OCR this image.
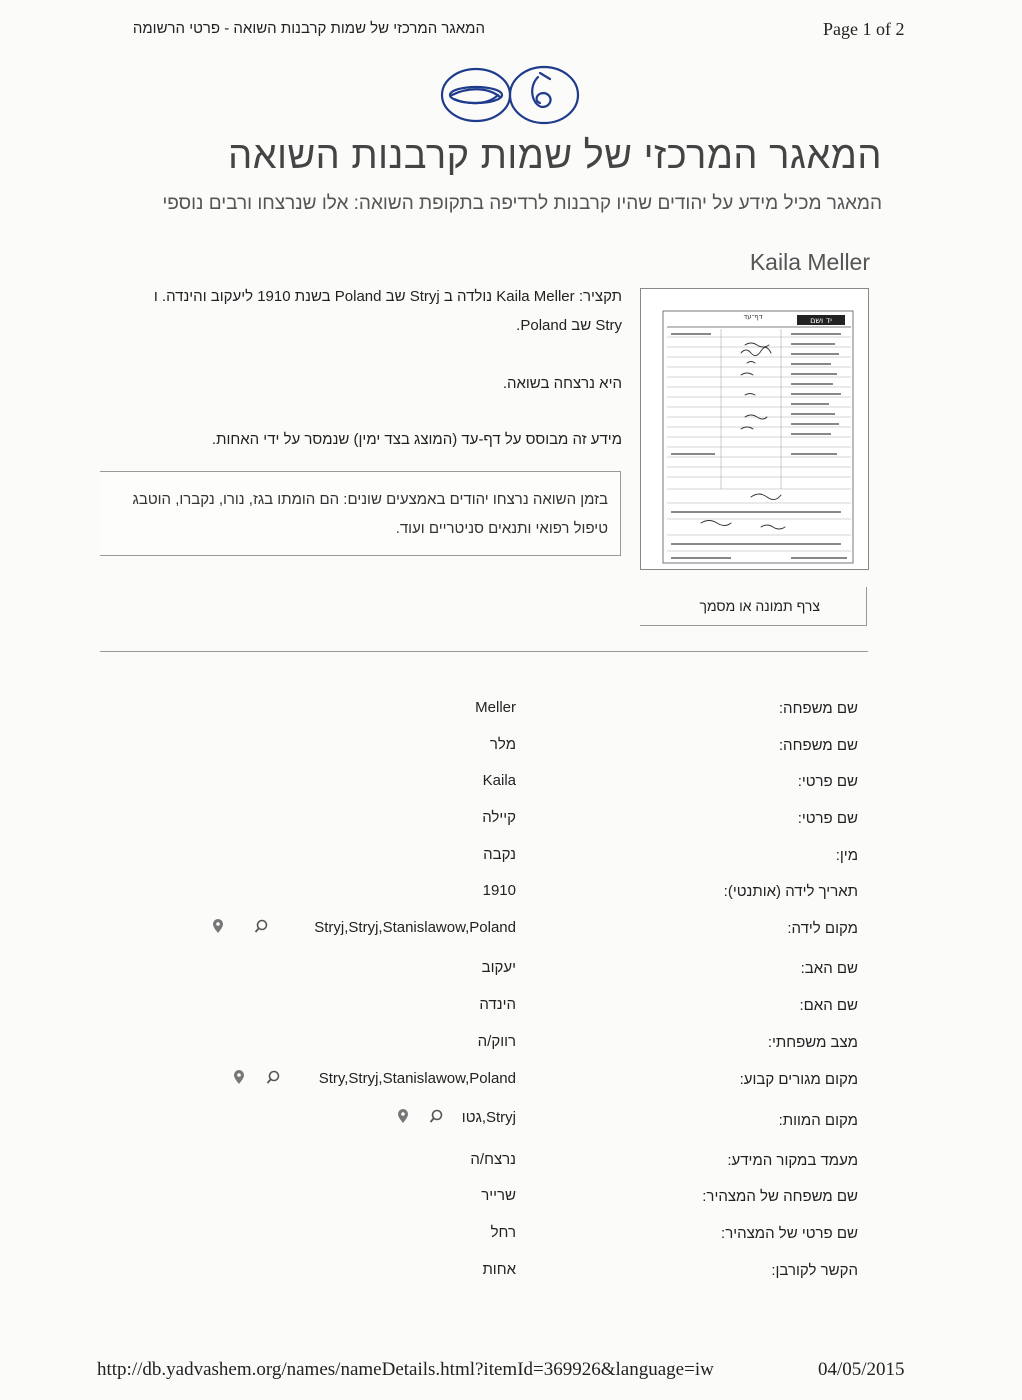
המאגר המרכזי של שמות קרבנות השואה - פרטי הרשומה	Page 1 of 2
המאגר המרכזי של שמות קרבנות השואה
המאגר מכיל מידע על יהודים שהיו קרבנות לרדיפה בתקופת השואה: אלו שנרצחו ורבים נוספי
Kaila Meller
תקציר: Kaila Meller נולדה ב Stryj שב Poland בשנת 1910 ליעקוב והינדה. ו
Stry שב Poland.
היא נרצחה בשואה.
מידע זה מבוסס על דף-עד (המוצג בצד ימין) שנמסר על ידי האחות.
בזמן השואה נרצחו יהודים באמצעים שונים: הם הומתו בגז, נורו, נקברו, הוטבג
טיפול רפואי ותנאים סניטריים ועוד.
יד ושם
דף־עד
צרף תמונה או מסמך
שם משפחה:
Meller
שם משפחה:
מלר
שם פרטי:
Kaila
שם פרטי:
קיילה
מין:
נקבה
תאריך לידה (אותנטי):
1910
מקום לידה:
Stryj,Stryj,Stanislawow,Poland
שם האב:
יעקוב
שם האם:
הינדה
מצב משפחתי:
רווק/ה
מקום מגורים קבוע:
Stry,Stryj,Stanislawow,Poland
מקום המוות:
Stryj,גטו
מעמד במקור המידע:
נרצח/ה
שם משפחה של המצהיר:
שרייר
שם פרטי של המצהיר:
רחל
הקשר לקורבן:
אחות
http://db.yadvashem.org/names/nameDetails.html?itemId=369926&language=iw	04/05/2015
